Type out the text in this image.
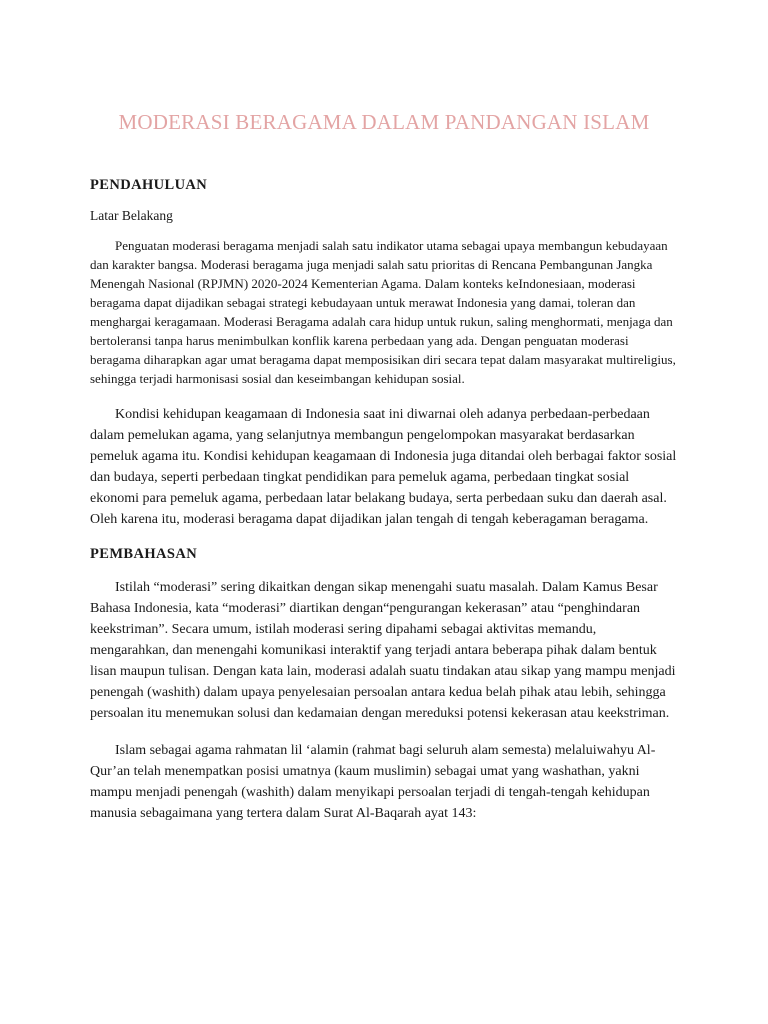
MODERASI BERAGAMA DALAM PANDANGAN ISLAM
PENDAHULUAN
Latar Belakang

Penguatan moderasi beragama menjadi salah satu indikator utama sebagai upaya membangun kebudayaan dan karakter bangsa. Moderasi beragama juga menjadi salah satu prioritas di Rencana Pembangunan Jangka Menengah Nasional (RPJMN) 2020-2024 Kementerian Agama. Dalam konteks keIndonesiaan, moderasi beragama dapat dijadikan sebagai strategi kebudayaan untuk merawat Indonesia yang damai, toleran dan menghargai keragamaan. Moderasi Beragama adalah cara hidup untuk rukun, saling menghormati, menjaga dan bertoleransi tanpa harus menimbulkan konflik karena perbedaan yang ada. Dengan penguatan moderasi beragama diharapkan agar umat beragama dapat memposisikan diri secara tepat dalam masyarakat multireligius, sehingga terjadi harmonisasi sosial dan keseimbangan kehidupan sosial.

Kondisi kehidupan keagamaan di Indonesia saat ini diwarnai oleh adanya perbedaan-perbedaan dalam pemelukan agama, yang selanjutnya membangun pengelompokan masyarakat berdasarkan pemeluk agama itu. Kondisi kehidupan keagamaan di Indonesia juga ditandai oleh berbagai faktor sosial dan budaya, seperti perbedaan tingkat pendidikan para pemeluk agama, perbedaan tingkat sosial ekonomi para pemeluk agama, perbedaan latar belakang budaya, serta perbedaan suku dan daerah asal. Oleh karena itu, moderasi beragama dapat dijadikan jalan tengah di tengah keberagaman beragama.

PEMBAHASAN

Istilah “moderasi” sering dikaitkan dengan sikap menengahi suatu masalah. Dalam Kamus Besar Bahasa Indonesia, kata “moderasi” diartikan dengan“pengurangan kekerasan” atau “penghindaran keekstriman”. Secara umum, istilah moderasi sering dipahami sebagai aktivitas memandu, mengarahkan, dan menengahi komunikasi interaktif yang terjadi antara beberapa pihak dalam bentuk lisan maupun tulisan. Dengan kata lain, moderasi adalah suatu tindakan atau sikap yang mampu menjadi penengah (washith) dalam upaya penyelesaian persoalan antara kedua belah pihak atau lebih, sehingga persoalan itu menemukan solusi dan kedamaian dengan mereduksi potensi kekerasan atau keekstriman.

Islam sebagai agama rahmatan lil ‘alamin (rahmat bagi seluruh alam semesta) melaluiwahyu Al-Qur’an telah menempatkan posisi umatnya (kaum muslimin) sebagai umat yang washathan, yakni mampu menjadi penengah (washith) dalam menyikapi persoalan terjadi di tengah-tengah kehidupan manusia sebagaimana yang tertera dalam Surat Al-Baqarah ayat 143:
